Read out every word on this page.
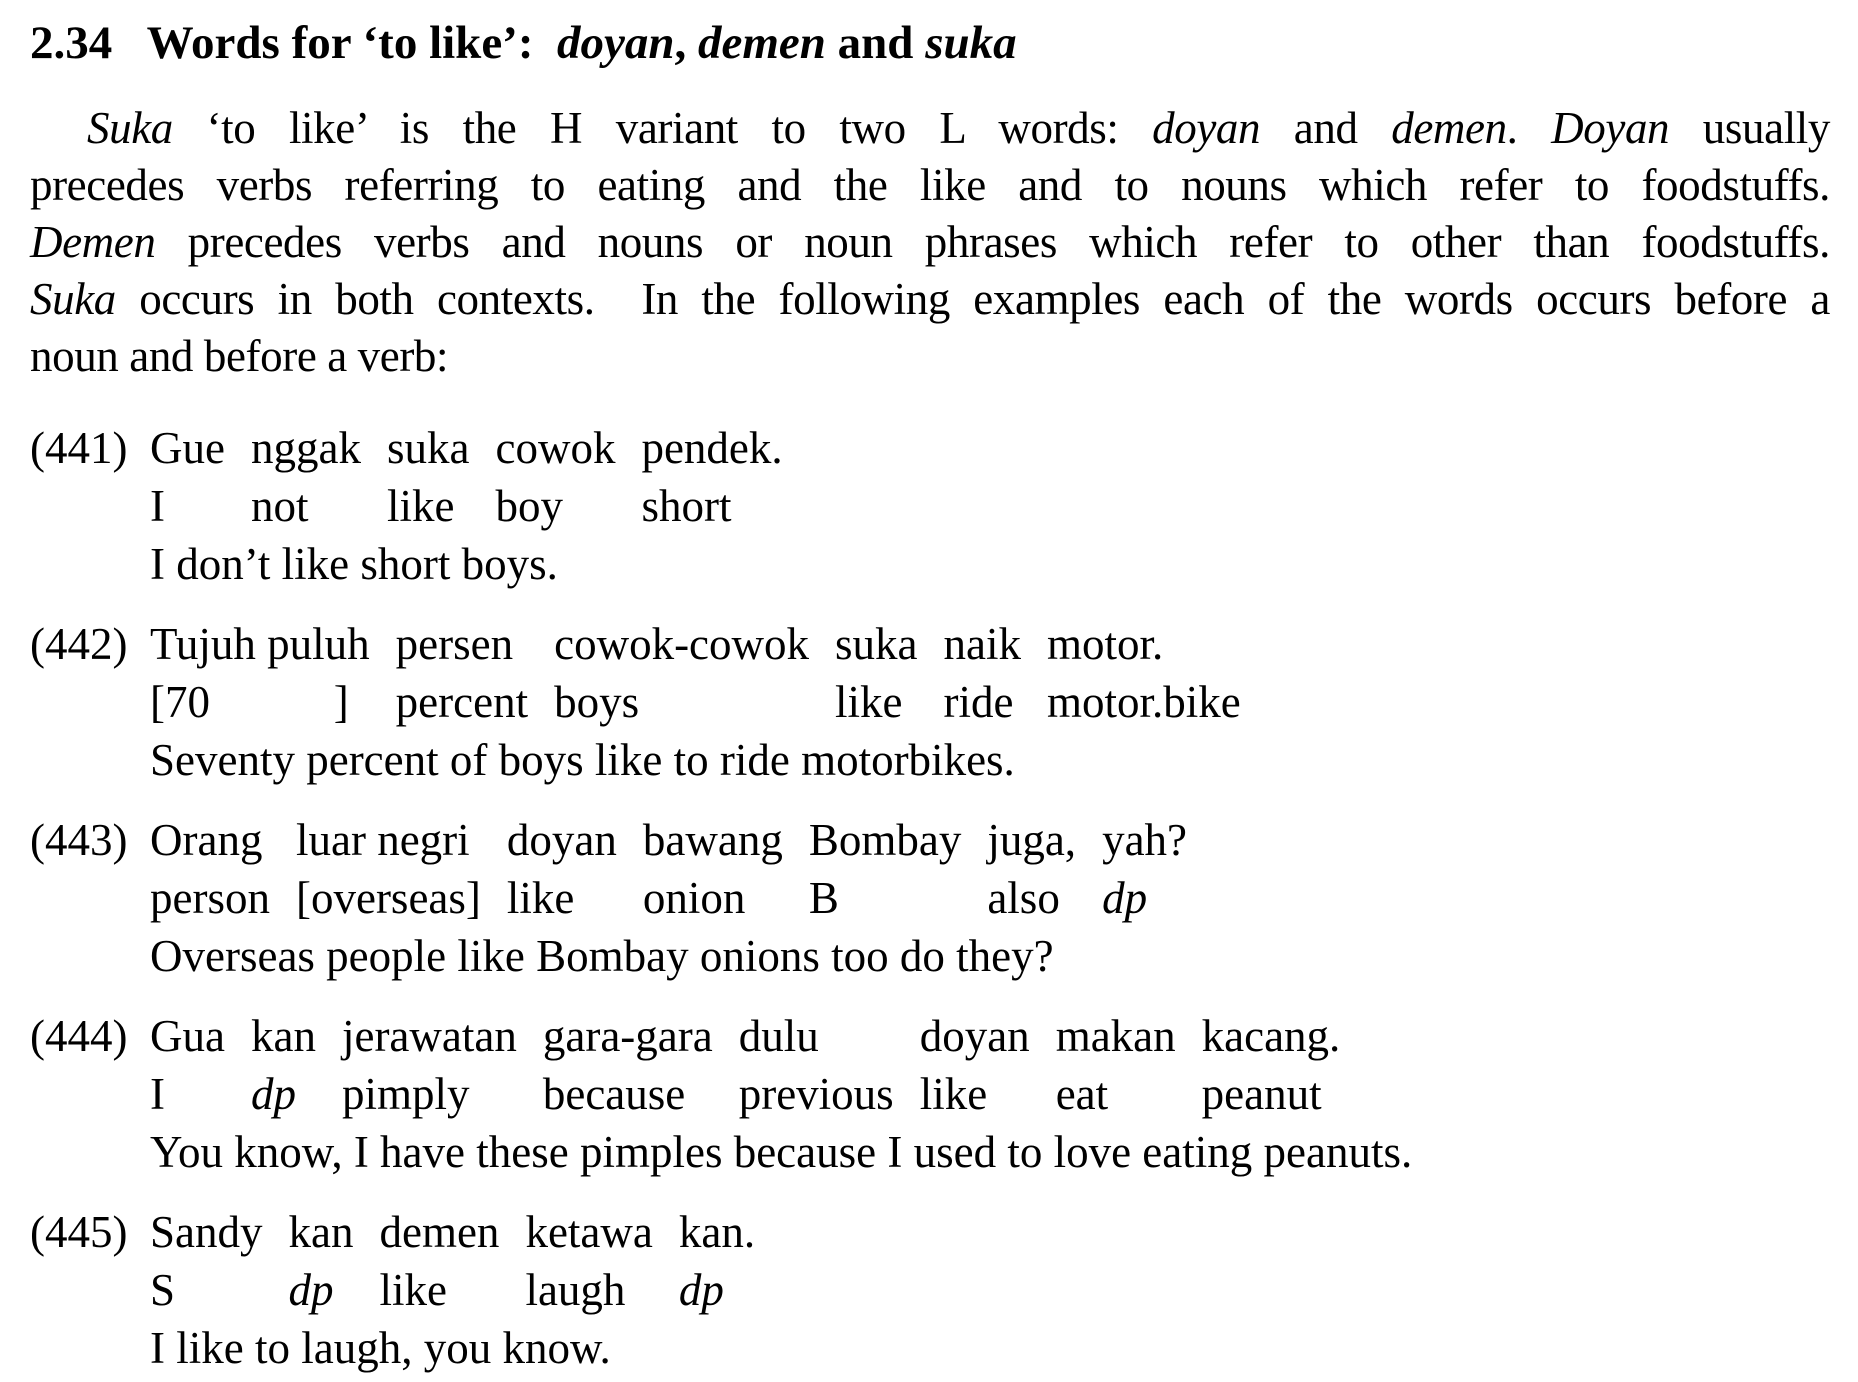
2.34   Words for ‘to like’:  doyan, demen and suka
Suka ‘to like’ is the H variant to two L words: doyan and demen. Doyan usually
precedes verbs referring to eating and the like and to nouns which refer to foodstuffs.
Demen precedes verbs and nouns or noun phrases which refer to other than foodstuffs.
Suka occurs in both contexts.  In the following examples each of the words occurs before a
noun and before a verb:
(441) Gue
I
nggak
not
suka
like
cowok
boy
pendek.
short
I don’t like short boys.
(442) Tujuh puluh
[70           ]
persen
percent
cowok-cowok
boys
suka
like
naik
ride
motor.
motor.bike
Seventy percent of boys like to ride motorbikes.
(443) Orang
person
luar negri
[overseas]
doyan
like
bawang
onion
Bombay
B
juga,
also
yah?
dp
Overseas people like Bombay onions too do they?
(444) Gua
I
kan
dp
jerawatan
pimply
gara-gara
because
dulu
previous
doyan
like
makan
eat
kacang.
peanut
You know, I have these pimples because I used to love eating peanuts.
(445) Sandy
S
kan
dp
demen
like
ketawa
laugh
kan.
dp
I like to laugh, you know.
